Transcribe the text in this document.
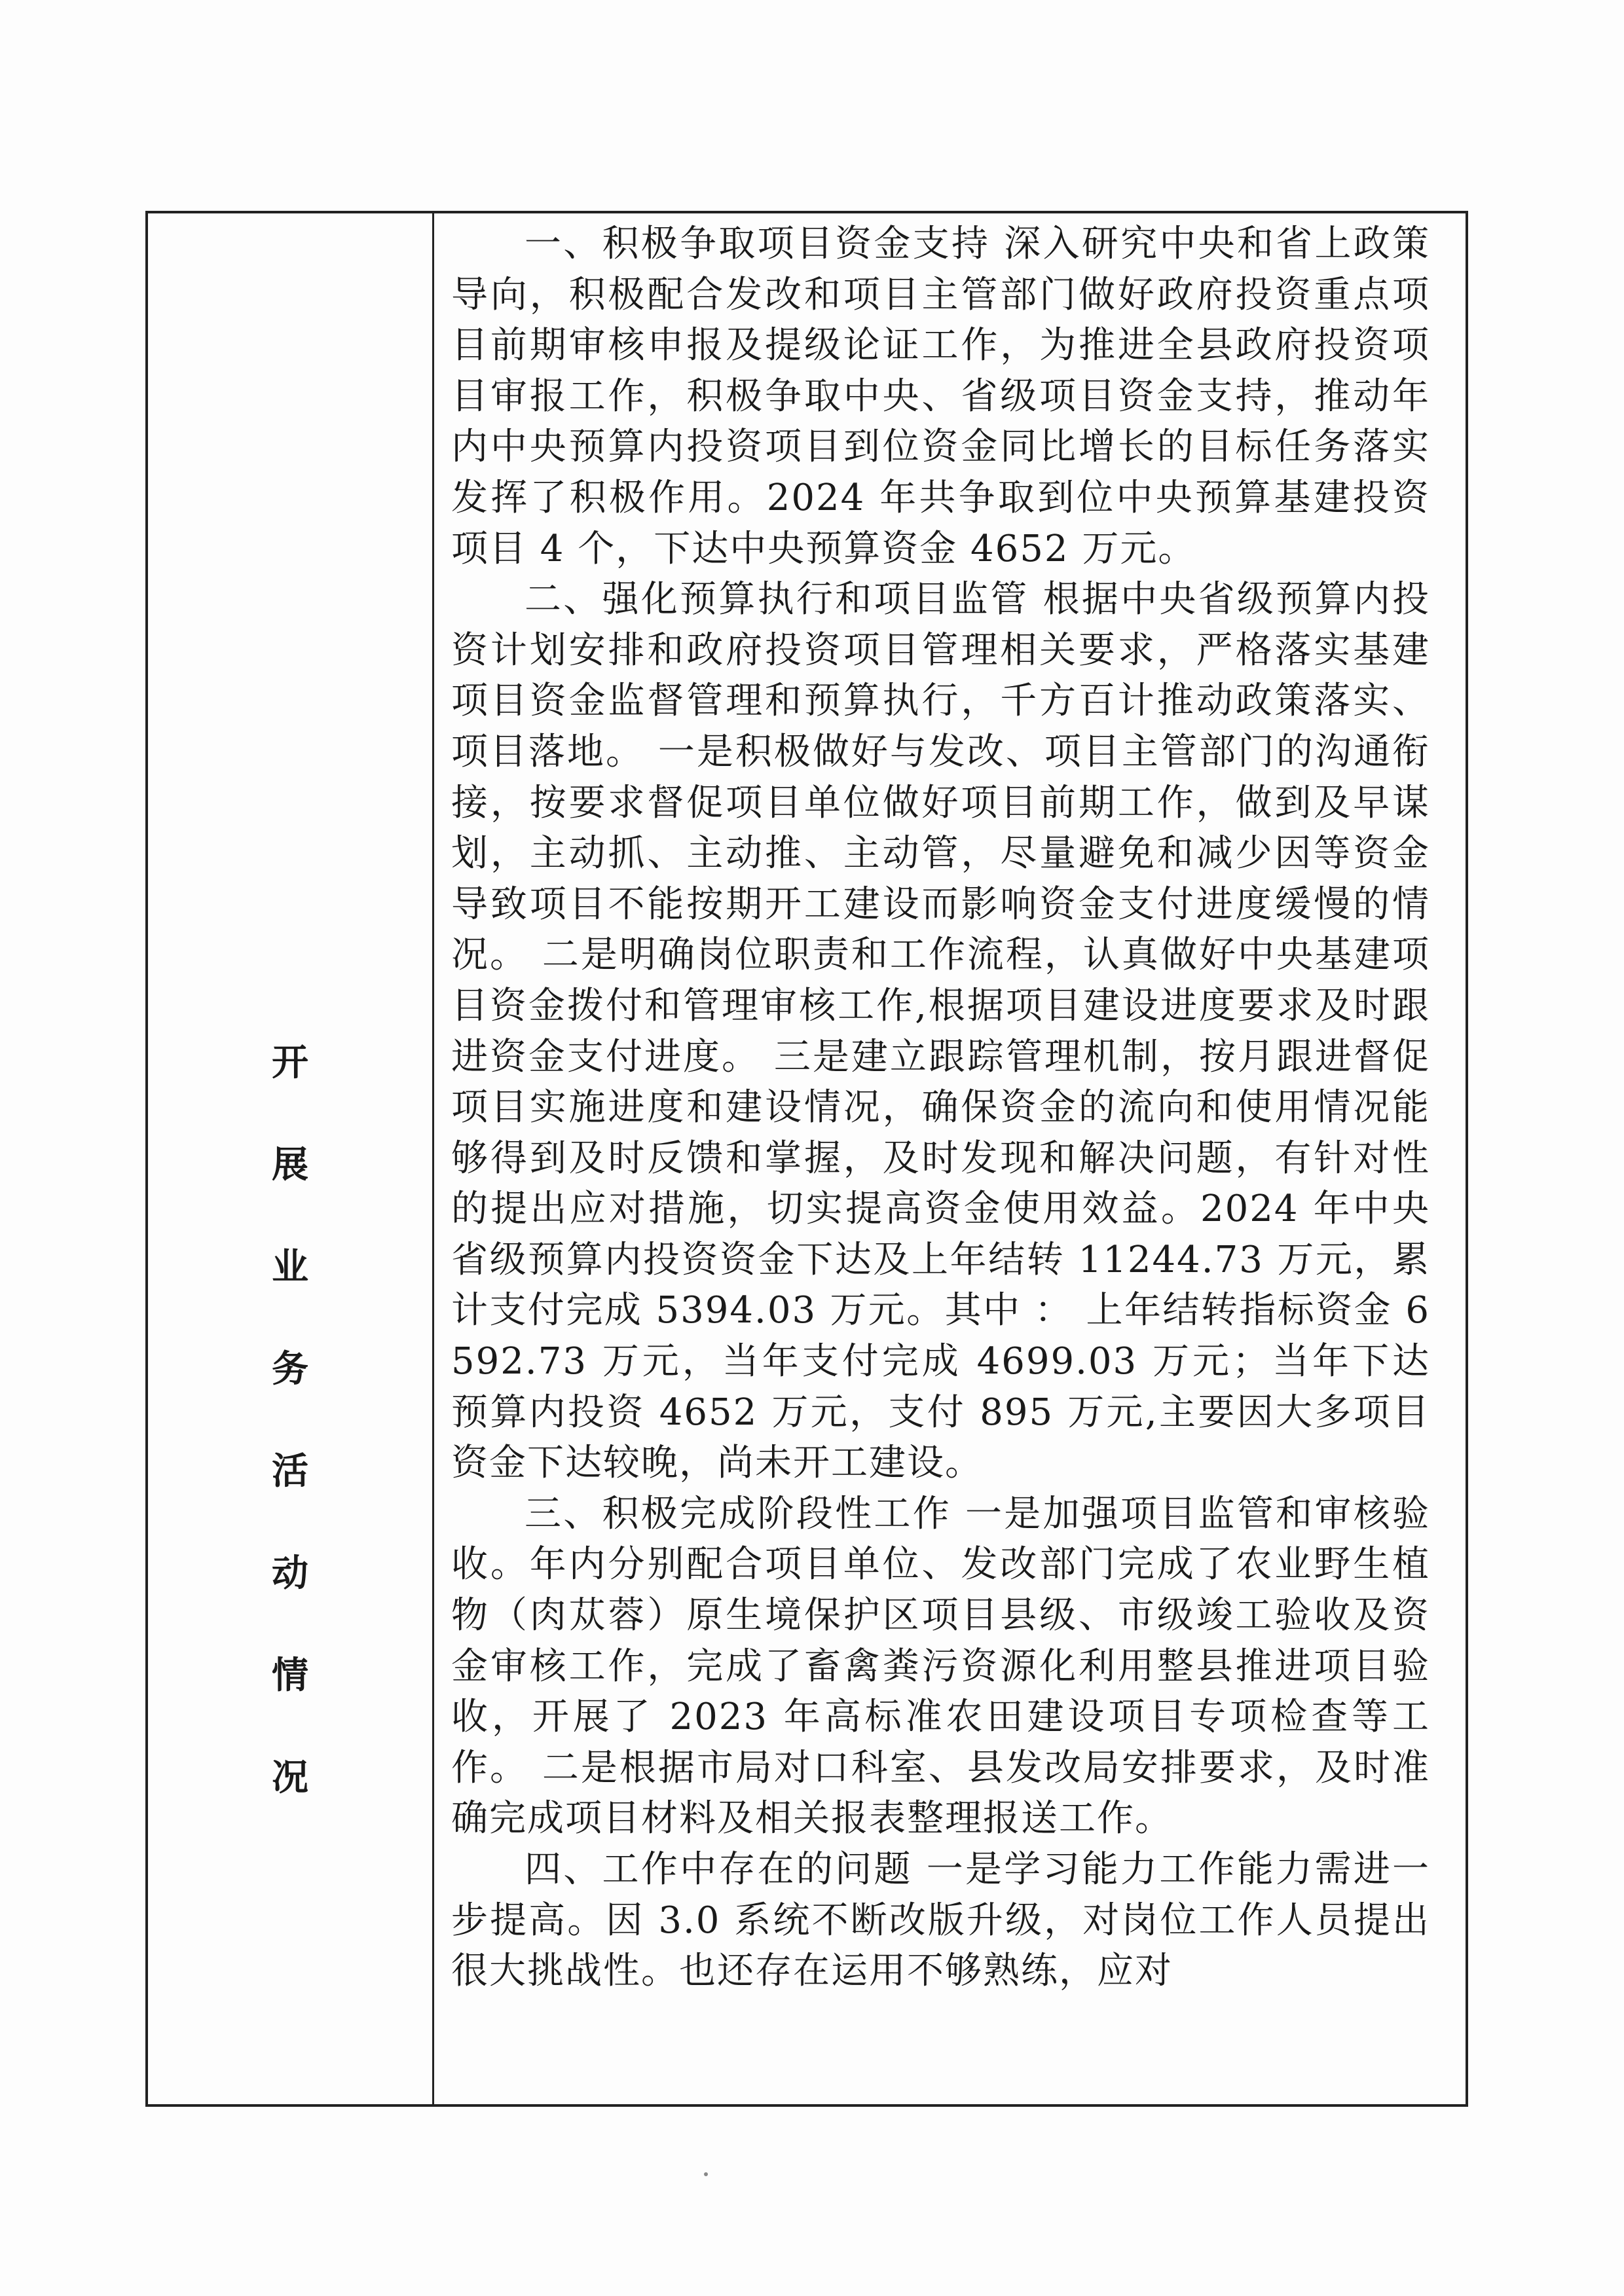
开
展
业
务
活
动
情
况

一、积极争取项目资金支持 深入研究中央和省上政策导向，积极配合发改和项目主管部门做好政府投资重点项目前期审核申报及提级论证工作，为推进全县政府投资项目审报工作，积极争取中央、省级项目资金支持，推动年内中央预算内投资项目到位资金同比增长的目标任务落实发挥了积极作用。2024 年共争取到位中央预算基建投资项目 4 个，下达中央预算资金 4652 万元。

二、强化预算执行和项目监管 根据中央省级预算内投资计划安排和政府投资项目管理相关要求，严格落实基建项目资金监督管理和预算执行，千方百计推动政策落实、项目落地。 一是积极做好与发改、项目主管部门的沟通衔接，按要求督促项目单位做好项目前期工作，做到及早谋划，主动抓、主动推、主动管，尽量避免和减少因等资金导致项目不能按期开工建设而影响资金支付进度缓慢的情况。 二是明确岗位职责和工作流程，认真做好中央基建项目资金拨付和管理审核工作,根据项目建设进度要求及时跟进资金支付进度。 三是建立跟踪管理机制，按月跟进督促项目实施进度和建设情况，确保资金的流向和使用情况能够得到及时反馈和掌握，及时发现和解决问题，有针对性的提出应对措施，切实提高资金使用效益。2024 年中央省级预算内投资资金下达及上年结转 11244.73 万元，累计支付完成 5394.03 万元。其中 ： 上年结转指标资金 6592.73 万元，当年支付完成 4699.03 万元；当年下达预算内投资 4652 万元，支付 895 万元,主要因大多项目资金下达较晚，尚未开工建设。

三、积极完成阶段性工作 一是加强项目监管和审核验收。年内分别配合项目单位、发改部门完成了农业野生植物（肉苁蓉）原生境保护区项目县级、市级竣工验收及资金审核工作，完成了畜禽粪污资源化利用整县推进项目验收，开展了 2023 年高标准农田建设项目专项检查等工作。 二是根据市局对口科室、县发改局安排要求，及时准确完成项目材料及相关报表整理报送工作。

四、工作中存在的问题 一是学习能力工作能力需进一步提高。因 3.0 系统不断改版升级，对岗位工作人员提出很大挑战性。也还存在运用不够熟练，应对
